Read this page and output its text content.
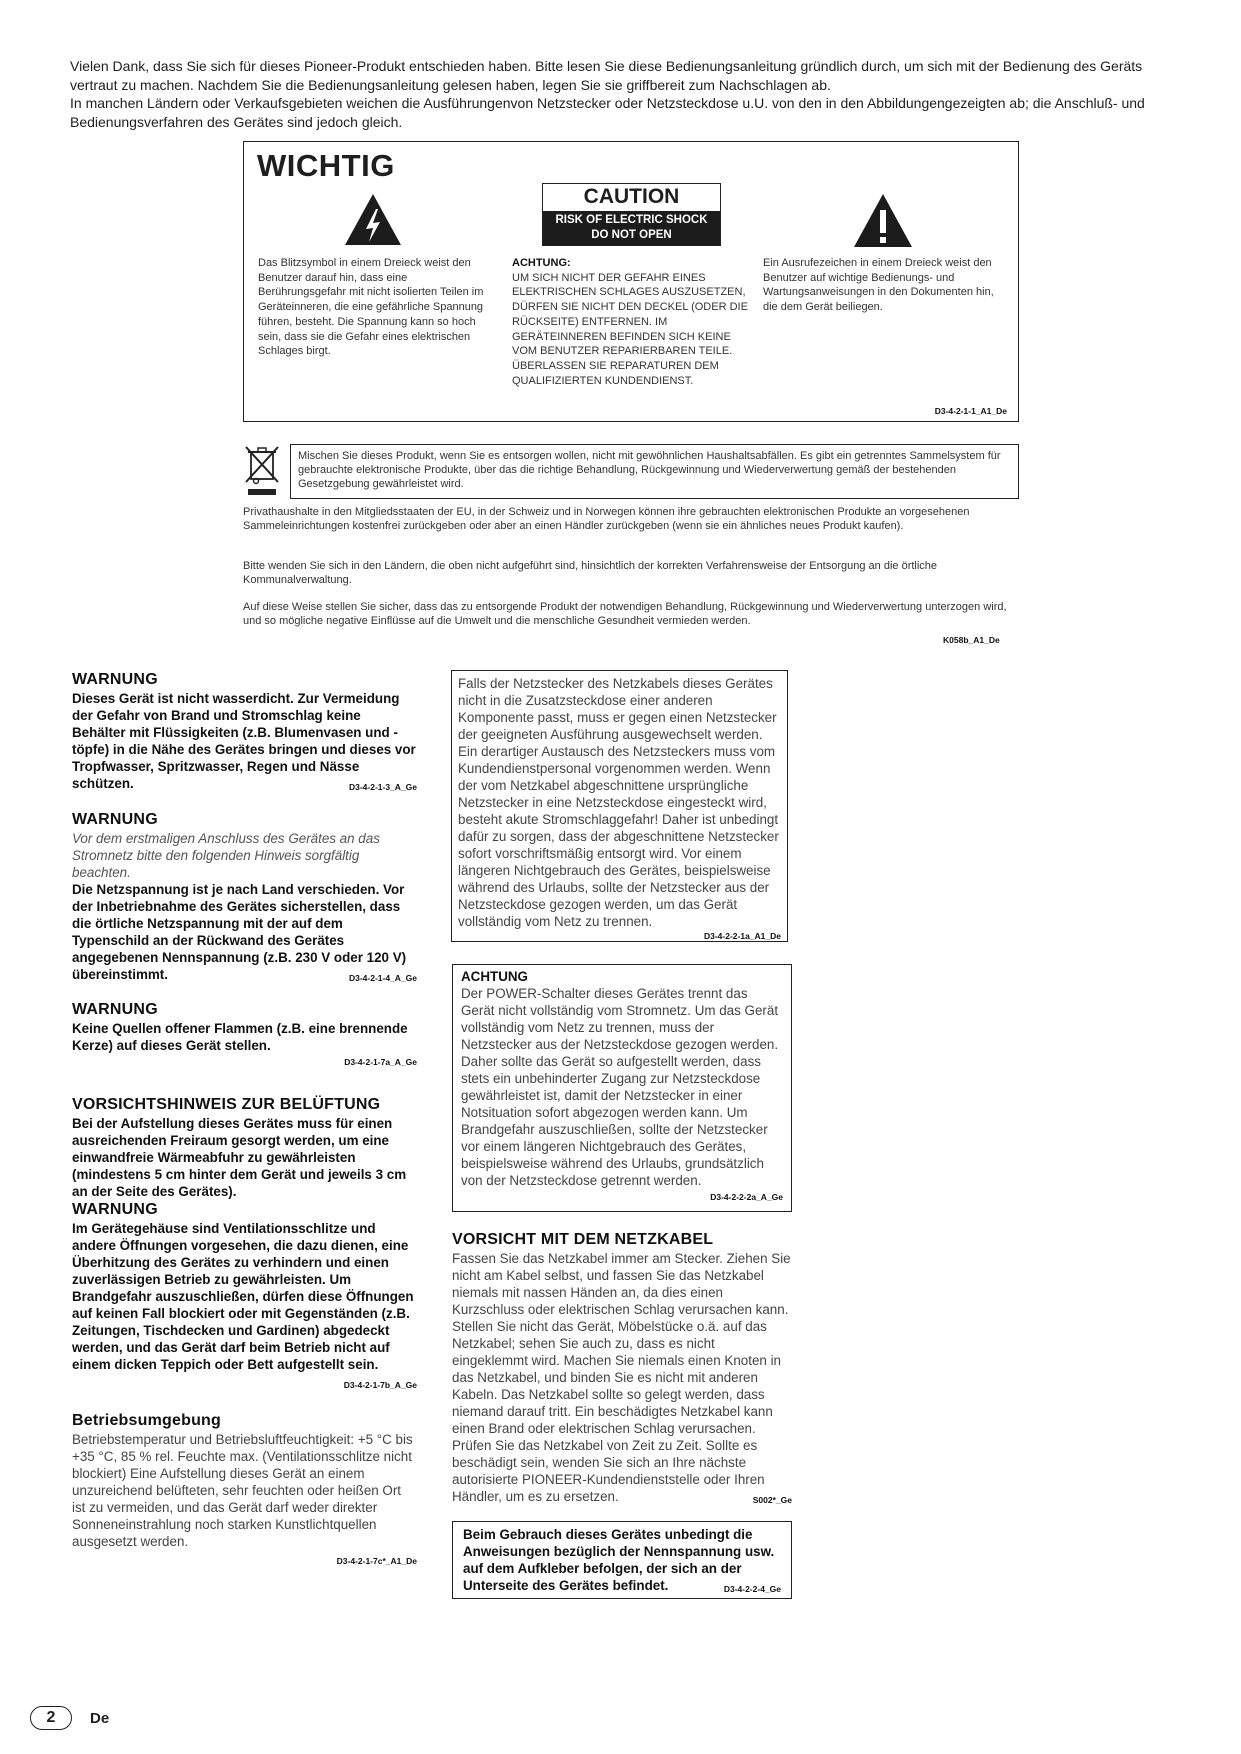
Vielen Dank, dass Sie sich für dieses Pioneer-Produkt entschieden haben. Bitte lesen Sie diese Bedienungsanleitung gründlich durch, um sich mit der Bedienung des Geräts vertraut zu machen. Nachdem Sie die Bedienungsanleitung gelesen haben, legen Sie sie griffbereit zum Nachschlagen ab.

In manchen Ländern oder Verkaufsgebieten weichen die Ausführungenvon Netzstecker oder Netzsteckdose u.U. von den in den Abbildungengezeigten ab; die Anschluß- und Bedienungsverfahren des Gerätes sind jedoch gleich.

WICHTIG
CAUTION
RISK OF ELECTRIC SHOCK
DO NOT OPEN
Das Blitzsymbol in einem Dreieck weist den Benutzer darauf hin, dass eine Berührungsgefahr mit nicht isolierten Teilen im Geräteinneren, die eine gefährliche Spannung führen, besteht. Die Spannung kann so hoch sein, dass sie die Gefahr eines elektrischen Schlages birgt.
ACHTUNG:
UM SICH NICHT DER GEFAHR EINES ELEKTRISCHEN SCHLAGES AUSZUSETZEN, DÜRFEN SIE NICHT DEN DECKEL (ODER DIE RÜCKSEITE) ENTFERNEN. IM GERÄTEINNEREN BEFINDEN SICH KEINE VOM BENUTZER REPARIERBAREN TEILE. ÜBERLASSEN SIE REPARATUREN DEM QUALIFIZIERTEN KUNDENDIENST.
Ein Ausrufezeichen in einem Dreieck weist den Benutzer auf wichtige Bedienungs- und Wartungsanweisungen in den Dokumenten hin, die dem Gerät beiliegen.
D3-4-2-1-1_A1_De
Mischen Sie dieses Produkt, wenn Sie es entsorgen wollen, nicht mit gewöhnlichen Haushaltsabfällen. Es gibt ein getrenntes Sammelsystem für gebrauchte elektronische Produkte, über das die richtige Behandlung, Rückgewinnung und Wiederverwertung gemäß der bestehenden Gesetzgebung gewährleistet wird.
Privathaushalte in den Mitgliedsstaaten der EU, in der Schweiz und in Norwegen können ihre gebrauchten elektronischen Produkte an vorgesehenen Sammeleinrichtungen kostenfrei zurückgeben oder aber an einen Händler zurückgeben (wenn sie ein ähnliches neues Produkt kaufen).
Bitte wenden Sie sich in den Ländern, die oben nicht aufgeführt sind, hinsichtlich der korrekten Verfahrensweise der Entsorgung an die örtliche Kommunalverwaltung.
Auf diese Weise stellen Sie sicher, dass das zu entsorgende Produkt der notwendigen Behandlung, Rückgewinnung und Wiederverwertung unterzogen wird, und so mögliche negative Einflüsse auf die Umwelt und die menschliche Gesundheit vermieden werden.
K058b_A1_De
WARNUNG
Dieses Gerät ist nicht wasserdicht. Zur Vermeidung der Gefahr von Brand und Stromschlag keine Behälter mit Flüssigkeiten (z.B. Blumenvasen und -töpfe) in die Nähe des Gerätes bringen und dieses vor Tropfwasser, Spritzwasser, Regen und Nässe schützen.	D3-4-2-1-3_A_Ge
WARNUNG
Vor dem erstmaligen Anschluss des Gerätes an das Stromnetz bitte den folgenden Hinweis sorgfältig beachten.
Die Netzspannung ist je nach Land verschieden. Vor der Inbetriebnahme des Gerätes sicherstellen, dass die örtliche Netzspannung mit der auf dem Typenschild an der Rückwand des Gerätes angegebenen Nennspannung (z.B. 230 V oder 120 V) übereinstimmt.	D3-4-2-1-4_A_Ge
WARNUNG
Keine Quellen offener Flammen (z.B. eine brennende Kerze) auf dieses Gerät stellen.
D3-4-2-1-7a_A_Ge
VORSICHTSHINWEIS ZUR BELÜFTUNG
Bei der Aufstellung dieses Gerätes muss für einen ausreichenden Freiraum gesorgt werden, um eine einwandfreie Wärmeabfuhr zu gewährleisten (mindestens 5 cm hinter dem Gerät und jeweils 3 cm an der Seite des Gerätes).
WARNUNG
Im Gerätegehäuse sind Ventilationsschlitze und andere Öffnungen vorgesehen, die dazu dienen, eine Überhitzung des Gerätes zu verhindern und einen zuverlässigen Betrieb zu gewährleisten. Um Brandgefahr auszuschließen, dürfen diese Öffnungen auf keinen Fall blockiert oder mit Gegenständen (z.B. Zeitungen, Tischdecken und Gardinen) abgedeckt werden, und das Gerät darf beim Betrieb nicht auf einem dicken Teppich oder Bett aufgestellt sein.
D3-4-2-1-7b_A_Ge
Betriebsumgebung
Betriebstemperatur und Betriebsluftfeuchtigkeit: +5 °C bis +35 °C, 85 % rel. Feuchte max. (Ventilationsschlitze nicht blockiert) Eine Aufstellung dieses Gerät an einem unzureichend belüfteten, sehr feuchten oder heißen Ort ist zu vermeiden, und das Gerät darf weder direkter Sonneneinstrahlung noch starken Kunstlichtquellen ausgesetzt werden.
D3-4-2-1-7c*_A1_De
Falls der Netzstecker des Netzkabels dieses Gerätes nicht in die Zusatzsteckdose einer anderen Komponente passt, muss er gegen einen Netzstecker der geeigneten Ausführung ausgewechselt werden. Ein derartiger Austausch des Netzsteckers muss vom Kundendienstpersonal vorgenommen werden. Wenn der vom Netzkabel abgeschnittene ursprüngliche Netzstecker in eine Netzsteckdose eingesteckt wird, besteht akute Stromschlaggefahr! Daher ist unbedingt dafür zu sorgen, dass der abgeschnittene Netzstecker sofort vorschriftsmäßig entsorgt wird. Vor einem längeren Nichtgebrauch des Gerätes, beispielsweise während des Urlaubs, sollte der Netzstecker aus der Netzsteckdose gezogen werden, um das Gerät vollständig vom Netz zu trennen.
D3-4-2-2-1a_A1_De
ACHTUNG
Der POWER-Schalter dieses Gerätes trennt das Gerät nicht vollständig vom Stromnetz. Um das Gerät vollständig vom Netz zu trennen, muss der Netzstecker aus der Netzsteckdose gezogen werden. Daher sollte das Gerät so aufgestellt werden, dass stets ein unbehinderter Zugang zur Netzsteckdose gewährleistet ist, damit der Netzstecker in einer Notsituation sofort abgezogen werden kann. Um Brandgefahr auszuschließen, sollte der Netzstecker vor einem längeren Nichtgebrauch des Gerätes, beispielsweise während des Urlaubs, grundsätzlich von der Netzsteckdose getrennt werden.
D3-4-2-2-2a_A_Ge
VORSICHT MIT DEM NETZKABEL
Fassen Sie das Netzkabel immer am Stecker. Ziehen Sie nicht am Kabel selbst, und fassen Sie das Netzkabel niemals mit nassen Händen an, da dies einen Kurzschluss oder elektrischen Schlag verursachen kann. Stellen Sie nicht das Gerät, Möbelstücke o.ä. auf das Netzkabel; sehen Sie auch zu, dass es nicht eingeklemmt wird. Machen Sie niemals einen Knoten in das Netzkabel, und binden Sie es nicht mit anderen Kabeln. Das Netzkabel sollte so gelegt werden, dass niemand darauf tritt. Ein beschädigtes Netzkabel kann einen Brand oder elektrischen Schlag verursachen. Prüfen Sie das Netzkabel von Zeit zu Zeit. Sollte es beschädigt sein, wenden Sie sich an Ihre nächste autorisierte PIONEER-Kundendienststelle oder Ihren Händler, um es zu ersetzen.	S002*_Ge
Beim Gebrauch dieses Gerätes unbedingt die Anweisungen bezüglich der Nennspannung usw. auf dem Aufkleber befolgen, der sich an der Unterseite des Gerätes befindet.	D3-4-2-2-4_Ge
2	De
